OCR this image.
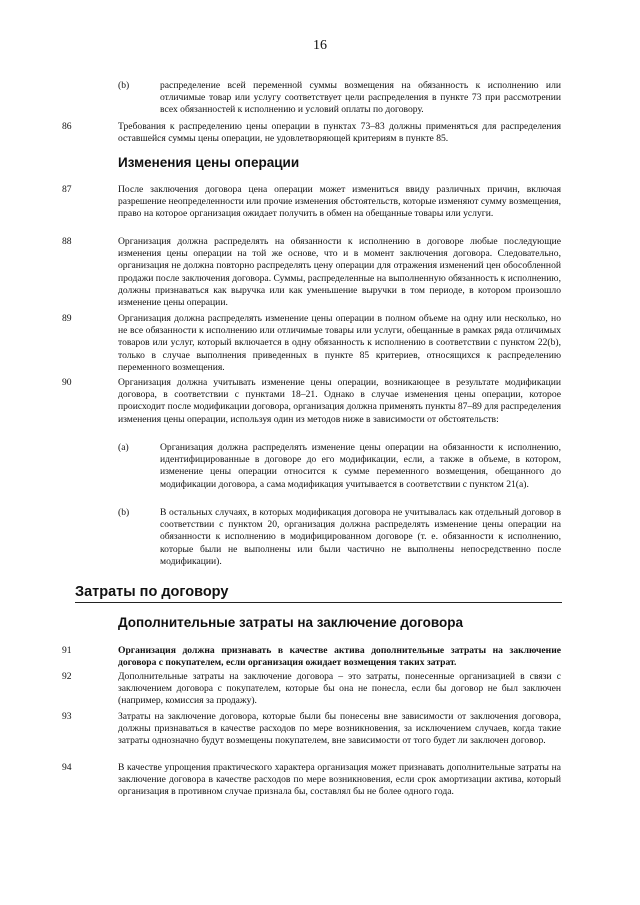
16
(b)	распределение всей переменной суммы возмещения на обязанность к исполнению или отличимые товар или услугу соответствует цели распределения в пункте 73 при рассмотрении всех обязанностей к исполнению и условий оплаты по договору.
86	Требования к распределению цены операции в пунктах 73–83 должны применяться для распределения оставшейся суммы цены операции, не удовлетворяющей критериям в пункте 85.
Изменения цены операции
87	После заключения договора цена операции может измениться ввиду различных причин, включая разрешение неопределенности или прочие изменения обстоятельств, которые изменяют сумму возмещения, право на которое организация ожидает получить в обмен на обещанные товары или услуги.
88	Организация должна распределять на обязанности к исполнению в договоре любые последующие изменения цены операции на той же основе, что и в момент заключения договора. Следовательно, организация не должна повторно распределять цену операции для отражения изменений цен обособленной продажи после заключения договора. Суммы, распределенные на выполненную обязанность к исполнению, должны признаваться как выручка или как уменьшение выручки в том периоде, в котором произошло изменение цены операции.
89	Организация должна распределять изменение цены операции в полном объеме на одну или несколько, но не все обязанности к исполнению или отличимые товары или услуги, обещанные в рамках ряда отличимых товаров или услуг, который включается в одну обязанность к исполнению в соответствии с пунктом 22(b), только в случае выполнения приведенных в пункте 85 критериев, относящихся к распределению переменного возмещения.
90	Организация должна учитывать изменение цены операции, возникающее в результате модификации договора, в соответствии с пунктами 18–21. Однако в случае изменения цены операции, которое происходит после модификации договора, организация должна применять пункты 87–89 для распределения изменения цены операции, используя один из методов ниже в зависимости от обстоятельств:
(a)	Организация должна распределять изменение цены операции на обязанности к исполнению, идентифицированные в договоре до его модификации, если, а также в объеме, в котором, изменение цены операции относится к сумме переменного возмещения, обещанного до модификации договора, а сама модификация учитывается в соответствии с пунктом 21(а).
(b)	В остальных случаях, в которых модификация договора не учитывалась как отдельный договор в соответствии с пунктом 20, организация должна распределять изменение цены операции на обязанности к исполнению в модифицированном договоре (т. е. обязанности к исполнению, которые были не выполнены или были частично не выполнены непосредственно после модификации).
Затраты по договору
Дополнительные затраты на заключение договора
91	Организация должна признавать в качестве актива дополнительные затраты на заключение договора с покупателем, если организация ожидает возмещения таких затрат.
92	Дополнительные затраты на заключение договора – это затраты, понесенные организацией в связи с заключением договора с покупателем, которые бы она не понесла, если бы договор не был заключен (например, комиссия за продажу).
93	Затраты на заключение договора, которые были бы понесены вне зависимости от заключения договора, должны признаваться в качестве расходов по мере возникновения, за исключением случаев, когда такие затраты однозначно будут возмещены покупателем, вне зависимости от того будет ли заключен договор.
94	В качестве упрощения практического характера организация может признавать дополнительные затраты на заключение договора в качестве расходов по мере возникновения, если срок амортизации актива, который организация в противном случае признала бы, составлял бы не более одного года.
